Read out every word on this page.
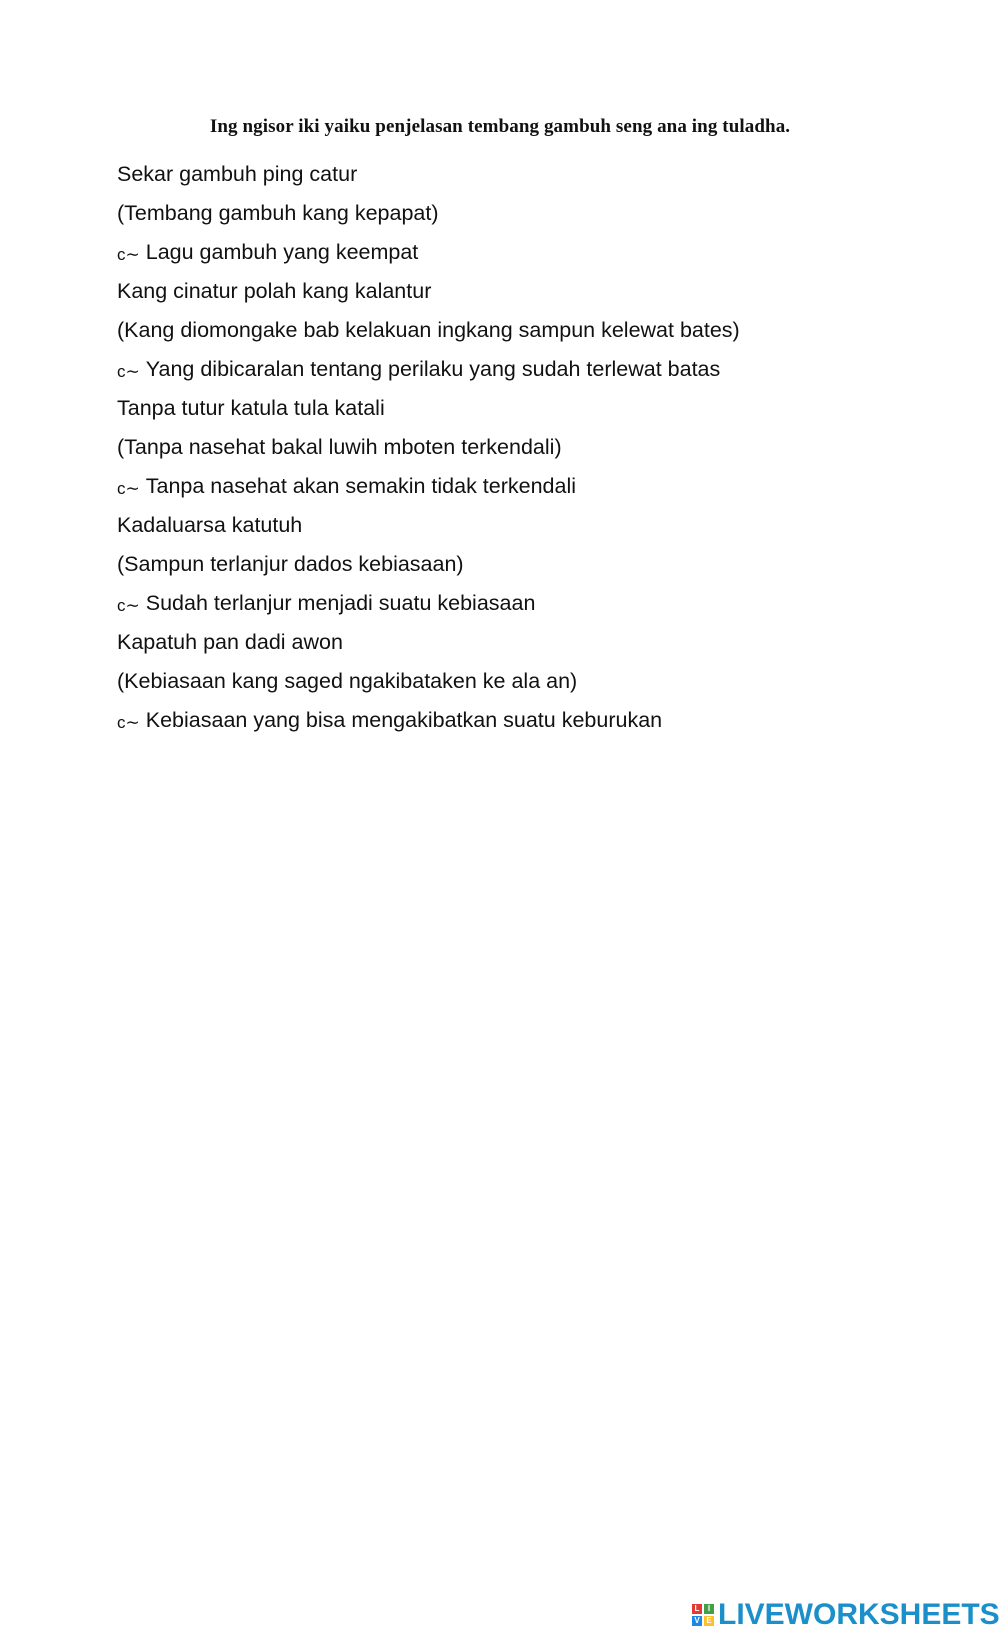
Ing ngisor iki yaiku penjelasan tembang gambuh seng ana ing tuladha.
Sekar gambuh ping catur
(Tembang gambuh kang kepapat)
с∼ Lagu gambuh yang keempat
Kang cinatur polah kang kalantur
(Kang diomongake bab kelakuan ingkang sampun kelewat bates)
с∼ Yang dibicaralan tentang perilaku yang sudah terlewat batas
Tanpa tutur katula tula katali
(Tanpa nasehat bakal luwih mboten terkendali)
с∼ Tanpa nasehat akan semakin tidak terkendali
Kadaluarsa katutuh
(Sampun terlanjur dados kebiasaan)
с∼ Sudah terlanjur menjadi suatu kebiasaan
Kapatuh pan dadi awon
(Kebiasaan kang saged ngakibataken ke ala an)
с∼ Kebiasaan yang bisa mengakibatkan suatu keburukan
L	I
V E LIVEWORKSHEETS
